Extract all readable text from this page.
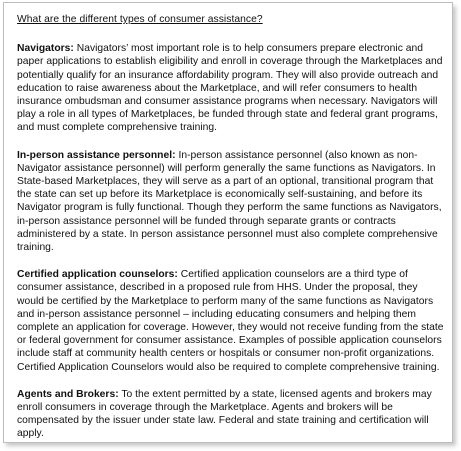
What are the different types of consumer assistance?

Navigators: Navigators’ most important role is to help consumers prepare electronic and paper applications to establish eligibility and enroll in coverage through the Marketplaces and potentially qualify for an insurance affordability program. They will also provide outreach and education to raise awareness about the Marketplace, and will refer consumers to health insurance ombudsman and consumer assistance programs when necessary. Navigators will play a role in all types of Marketplaces, be funded through state and federal grant programs, and must complete comprehensive training.

In-person assistance personnel: In-person assistance personnel (also known as non-Navigator assistance personnel) will perform generally the same functions as Navigators. In State-based Marketplaces, they will serve as a part of an optional, transitional program that the state can set up before its Marketplace is economically self-sustaining, and before its Navigator program is fully functional. Though they perform the same functions as Navigators, in-person assistance personnel will be funded through separate grants or contracts administered by a state. In person assistance personnel must also complete comprehensive training.

Certified application counselors: Certified application counselors are a third type of consumer assistance, described in a proposed rule from HHS. Under the proposal, they would be certified by the Marketplace to perform many of the same functions as Navigators and in-person assistance personnel – including educating consumers and helping them complete an application for coverage. However, they would not receive funding from the state or federal government for consumer assistance. Examples of possible application counselors include staff at community health centers or hospitals or consumer non-profit organizations. Certified Application Counselors would also be required to complete comprehensive training.

Agents and Brokers: To the extent permitted by a state, licensed agents and brokers may enroll consumers in coverage through the Marketplace. Agents and brokers will be compensated by the issuer under state law. Federal and state training and certification will apply.
